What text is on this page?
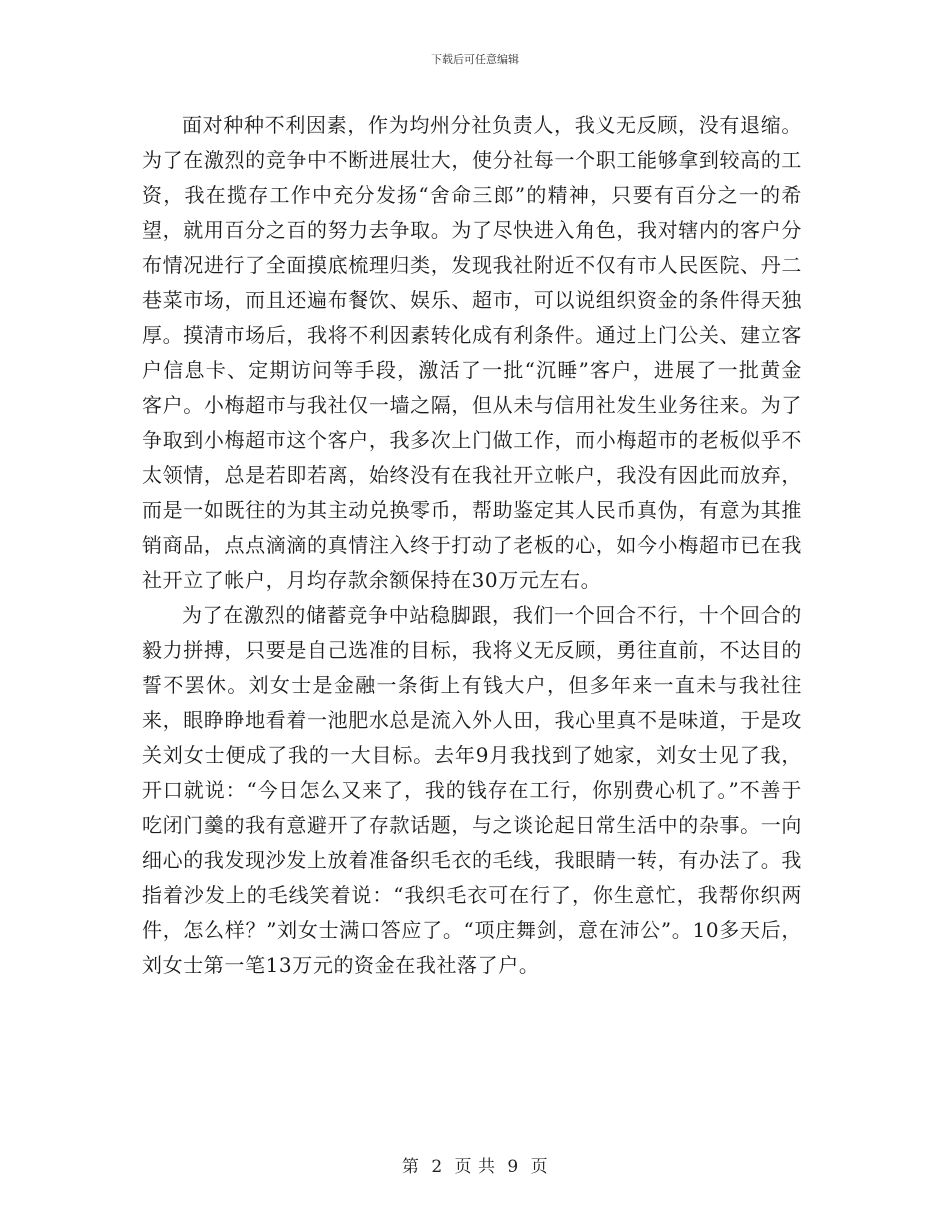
下载后可任意编辑

面对种种不利因素，作为均州分社负责人，我义无反顾，没有退缩。为了在激烈的竞争中不断进展壮大，使分社每一个职工能够拿到较高的工资，我在揽存工作中充分发扬“舍命三郎”的精神，只要有百分之一的希望，就用百分之百的努力去争取。为了尽快进入角色，我对辖内的客户分布情况进行了全面摸底梳理归类，发现我社附近不仅有市人民医院、丹二巷菜市场，而且还遍布餐饮、娱乐、超市，可以说组织资金的条件得天独厚。摸清市场后，我将不利因素转化成有利条件。通过上门公关、建立客户信息卡、定期访问等手段，激活了一批“沉睡”客户，进展了一批黄金客户。小梅超市与我社仅一墙之隔，但从未与信用社发生业务往来。为了争取到小梅超市这个客户，我多次上门做工作，而小梅超市的老板似乎不太领情，总是若即若离，始终没有在我社开立帐户，我没有因此而放弃，而是一如既往的为其主动兑换零币，帮助鉴定其人民币真伪，有意为其推销商品，点点滴滴的真情注入终于打动了老板的心，如今小梅超市已在我社开立了帐户，月均存款余额保持在30万元左右。

为了在激烈的储蓄竞争中站稳脚跟，我们一个回合不行，十个回合的毅力拼搏，只要是自己选准的目标，我将义无反顾，勇往直前，不达目的誓不罢休。刘女士是金融一条街上有钱大户，但多年来一直未与我社往来，眼睁睁地看着一池肥水总是流入外人田，我心里真不是味道，于是攻关刘女士便成了我的一大目标。去年9月我找到了她家，刘女士见了我，开口就说：“今日怎么又来了，我的钱存在工行，你别费心机了。”不善于吃闭门羹的我有意避开了存款话题，与之谈论起日常生活中的杂事。一向细心的我发现沙发上放着准备织毛衣的毛线，我眼睛一转，有办法了。我指着沙发上的毛线笑着说：“我织毛衣可在行了，你生意忙，我帮你织两件，怎么样？”刘女士满口答应了。“项庄舞剑，意在沛公”。10多天后，刘女士第一笔13万元的资金在我社落了户。

第 2 页 共 9 页
